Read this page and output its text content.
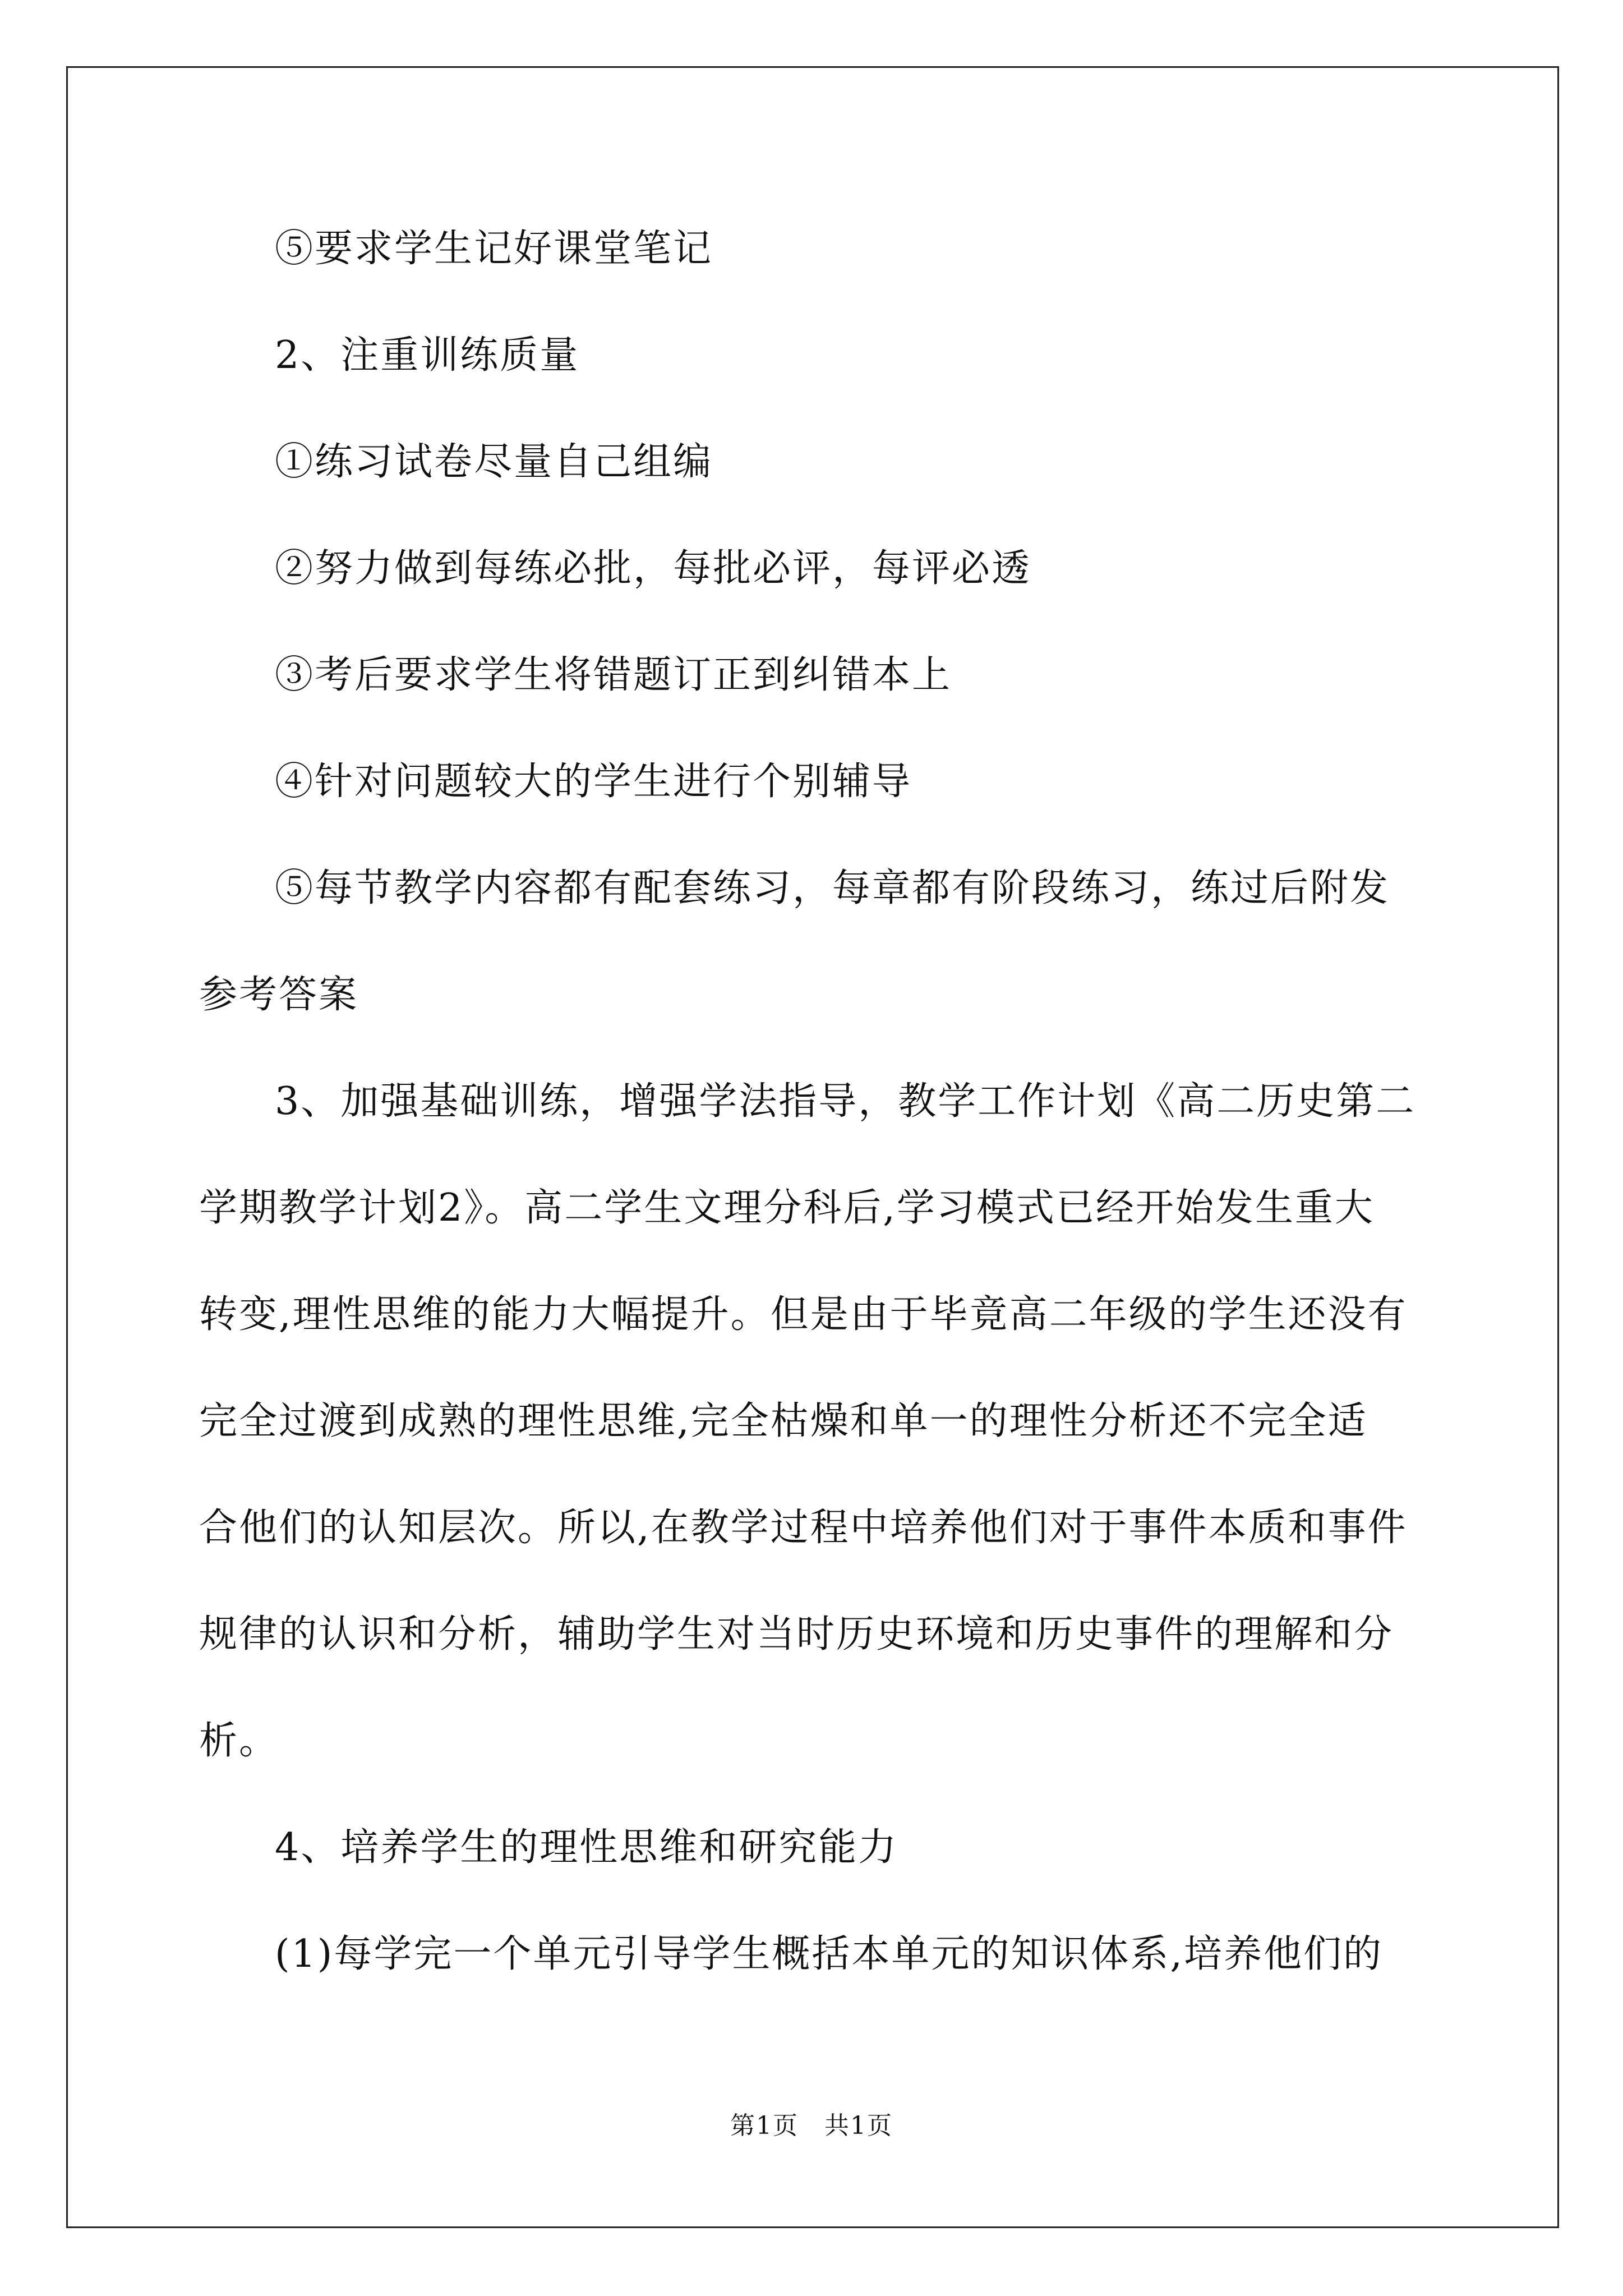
⑤要求学生记好课堂笔记
2、注重训练质量
①练习试卷尽量自己组编
②努力做到每练必批，每批必评，每评必透
③考后要求学生将错题订正到纠错本上
④针对问题较大的学生进行个别辅导
⑤每节教学内容都有配套练习，每章都有阶段练习，练过后附发
参考答案
3、加强基础训练，增强学法指导，教学工作计划《高二历史第二
学期教学计划2》。高二学生文理分科后,学习模式已经开始发生重大
转变,理性思维的能力大幅提升。但是由于毕竟高二年级的学生还没有
完全过渡到成熟的理性思维,完全枯燥和单一的理性分析还不完全适
合他们的认知层次。所以,在教学过程中培养他们对于事件本质和事件
规律的认识和分析，辅助学生对当时历史环境和历史事件的理解和分
析。
4、培养学生的理性思维和研究能力
(1)每学完一个单元引导学生概括本单元的知识体系,培养他们的
第1页　共1页
